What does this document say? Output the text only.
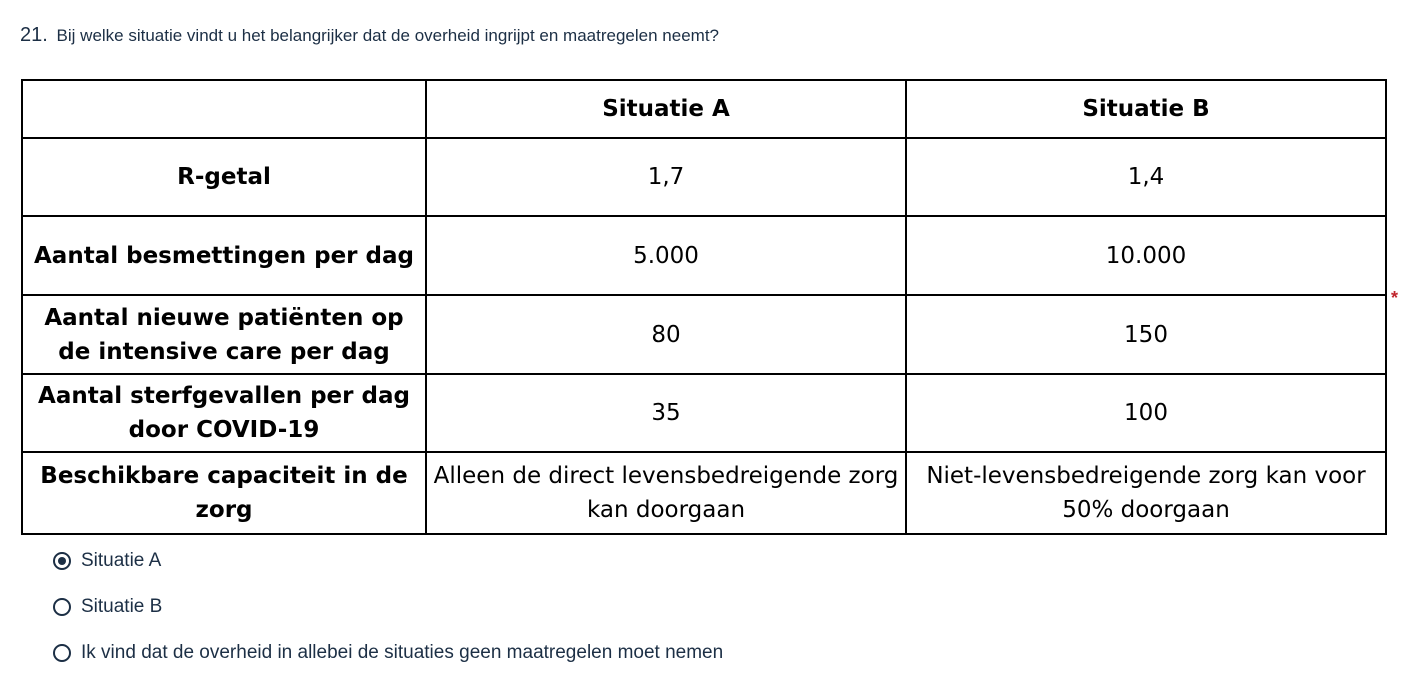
21. Bij welke situatie vindt u het belangrijker dat de overheid ingrijpt en maatregelen neemt?
*
	Situatie A	Situatie B
R-getal	1,7	1,4
Aantal besmettingen per dag	5.000	10.000
Aantal nieuwe patiënten op de intensive care per dag	80	150
Aantal sterfgevallen per dag door COVID-19	35	100
Beschikbare capaciteit in de zorg	Alleen de direct levensbedreigende zorg kan doorgaan	Niet-levensbedreigende zorg kan voor 50% doorgaan
Situatie A
Situatie B
Ik vind dat de overheid in allebei de situaties geen maatregelen moet nemen
